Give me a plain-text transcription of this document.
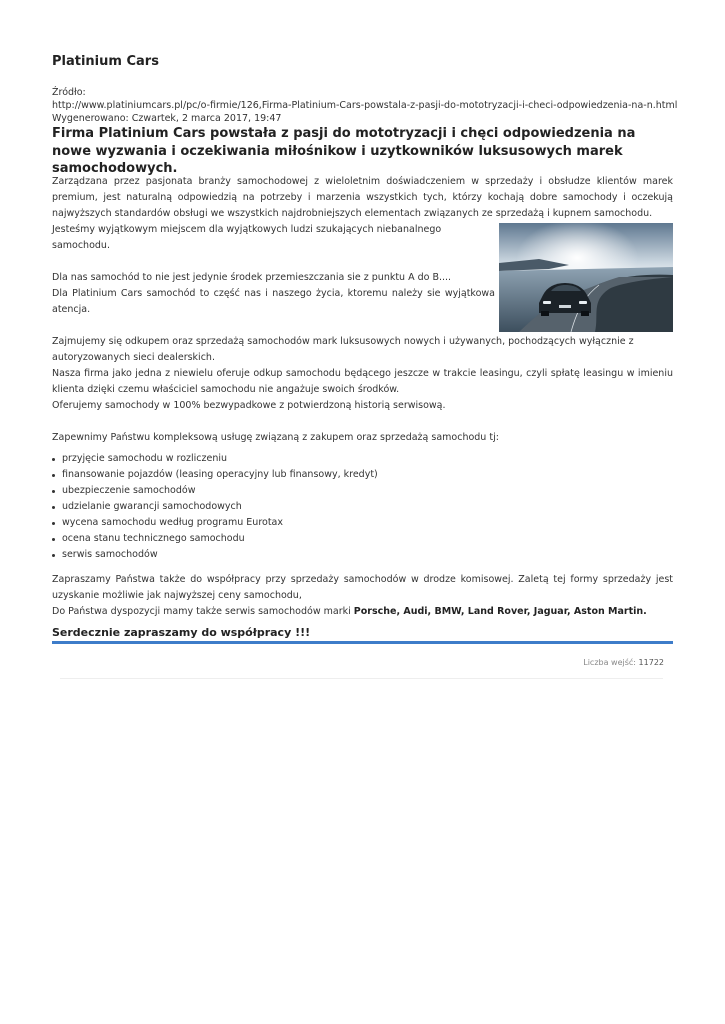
Platinium Cars
Źródło:
http://www.platiniumcars.pl/pc/o-firmie/126,Firma-Platinium-Cars-powstala-z-pasji-do-mototryzacji-i-checi-odpowiedzenia-na-n.html
Wygenerowano: Czwartek, 2 marca 2017, 19:47
Firma Platinium Cars powstała z pasji do mototryzacji i chęci odpowiedzenia na nowe wyzwania i oczekiwania miłośnikow i uzytkowników luksusowych marek samochodowych.

Zarządzana przez pasjonata branży samochodowej z wieloletnim doświadczeniem w sprzedaży i obsłudze klientów marek premium, jest naturalną odpowiedzią na potrzeby i marzenia wszystkich tych, którzy kochają dobre samochody i oczekują najwyższych standardów obsługi we wszystkich najdrobniejszych elementach związanych ze sprzedażą i kupnem samochodu.

Jesteśmy wyjątkowym miejscem dla wyjątkowych ludzi szukających niebanalnego samochodu.

Dla nas samochód to nie jest jedynie środek przemieszczania sie z punktu A do B....

Dla Platinium Cars samochód to część nas i naszego życia, ktoremu należy sie wyjątkowa atencja.

Zajmujemy się odkupem oraz sprzedażą samochodów mark luksusowych nowych i używanych, pochodzących wyłącznie z autoryzowanych sieci dealerskich.

Nasza firma jako jedna z niewielu oferuje odkup samochodu będącego jeszcze w trakcie leasingu, czyli spłatę leasingu w imieniu klienta dzięki czemu właściciel samochodu nie angażuje swoich środków.

Oferujemy samochody w 100% bezwypadkowe z potwierdzoną historią serwisową.

Zapewnimy Państwu kompleksową usługę związaną z zakupem oraz sprzedażą samochodu tj:

przyjęcie samochodu w rozliczeniu
finansowanie pojazdów (leasing operacyjny lub finansowy, kredyt)
ubezpieczenie samochodów
udzielanie gwarancji samochodowych
wycena samochodu według programu Eurotax
ocena stanu technicznego samochodu
serwis samochodów

Zapraszamy Państwa także do współpracy przy sprzedaży samochodów w drodze komisowej. Zaletą tej formy sprzedaży jest uzyskanie możliwie jak najwyższej ceny samochodu,

Do Państwa dyspozycji mamy także serwis samochodów marki Porsche, Audi, BMW, Land Rover, Jaguar, Aston Martin.

Serdecznie zapraszamy do współpracy !!!
Liczba wejść: 11722
